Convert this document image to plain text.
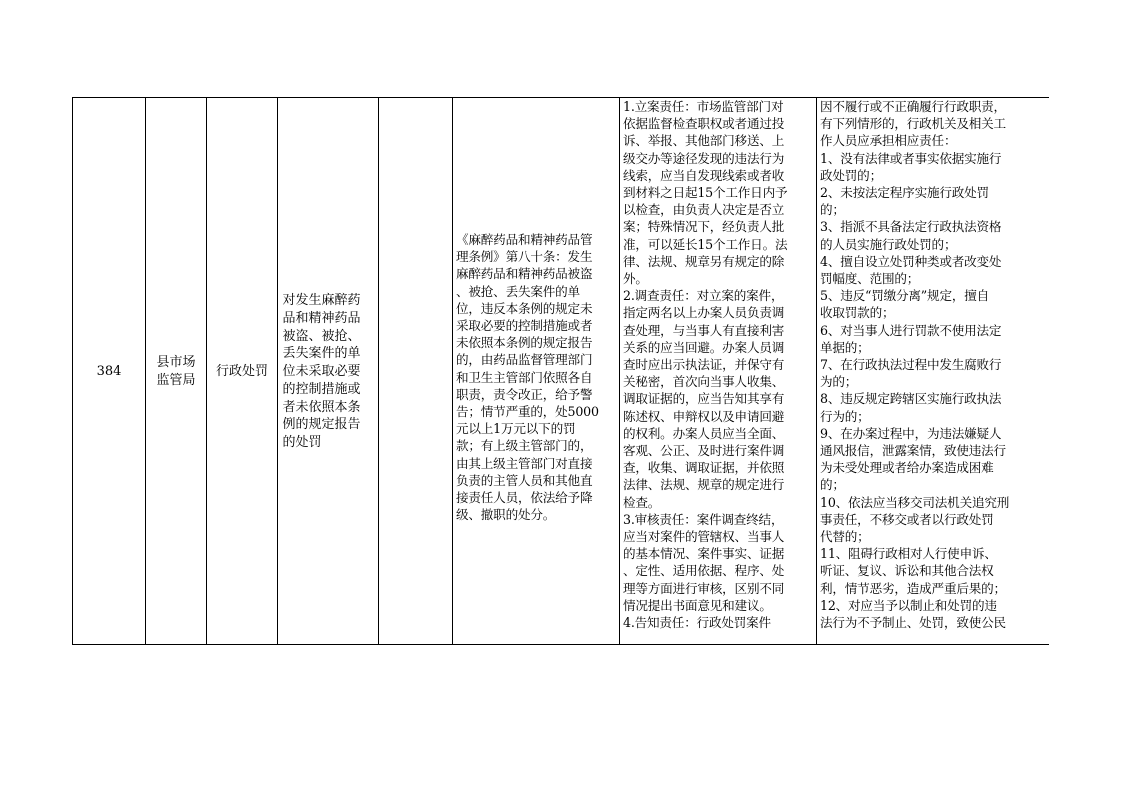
384
县市场
监管局
行政处罚
对发生麻醉药
品和精神药品
被盗、被抢、
丢失案件的单
位未采取必要
的控制措施或
者未依照本条
例的规定报告
的处罚
《麻醉药品和精神药品管
理条例》第八十条：发生
麻醉药品和精神药品被盗
、被抢、丢失案件的单
位，违反本条例的规定未
采取必要的控制措施或者
未依照本条例的规定报告
的，由药品监督管理部门
和卫生主管部门依照各自
职责，责令改正，给予警
告；情节严重的，处5000
元以上1万元以下的罚
款；有上级主管部门的，
由其上级主管部门对直接
负责的主管人员和其他直
接责任人员，依法给予降
级、撤职的处分。
1.立案责任：市场监管部门对
依据监督检查职权或者通过投
诉、举报、其他部门移送、上
级交办等途径发现的违法行为
线索，应当自发现线索或者收
到材料之日起15个工作日内予
以检查，由负责人决定是否立
案；特殊情况下，经负责人批
准，可以延长15个工作日。法
律、法规、规章另有规定的除
外。
2.调查责任：对立案的案件，
指定两名以上办案人员负责调
查处理，与当事人有直接利害
关系的应当回避。办案人员调
查时应出示执法证，并保守有
关秘密，首次向当事人收集、
调取证据的，应当告知其享有
陈述权、申辩权以及申请回避
的权利。办案人员应当全面、
客观、公正、及时进行案件调
查，收集、调取证据，并依照
法律、法规、规章的规定进行
检查。
3.审核责任：案件调查终结，
应当对案件的管辖权、当事人
的基本情况、案件事实、证据
、定性、适用依据、程序、处
理等方面进行审核，区别不同
情况提出书面意见和建议。
4.告知责任：行政处罚案件
因不履行或不正确履行行政职责，
有下列情形的，行政机关及相关工
作人员应承担相应责任：
1、没有法律或者事实依据实施行
政处罚的；
2、未按法定程序实施行政处罚
的；
3、指派不具备法定行政执法资格
的人员实施行政处罚的；
4、擅自设立处罚种类或者改变处
罚幅度、范围的；
5、违反“罚缴分离”规定，擅自
收取罚款的；
6、对当事人进行罚款不使用法定
单据的；
7、在行政执法过程中发生腐败行
为的；
8、违反规定跨辖区实施行政执法
行为的；
9、在办案过程中，为违法嫌疑人
通风报信，泄露案情，致使违法行
为未受处理或者给办案造成困难
的；
10、依法应当移交司法机关追究刑
事责任，不移交或者以行政处罚
代替的；
11、阻碍行政相对人行使申诉、
听证、复议、诉讼和其他合法权
利，情节恶劣，造成严重后果的；
12、对应当予以制止和处罚的违
法行为不予制止、处罚，致使公民
